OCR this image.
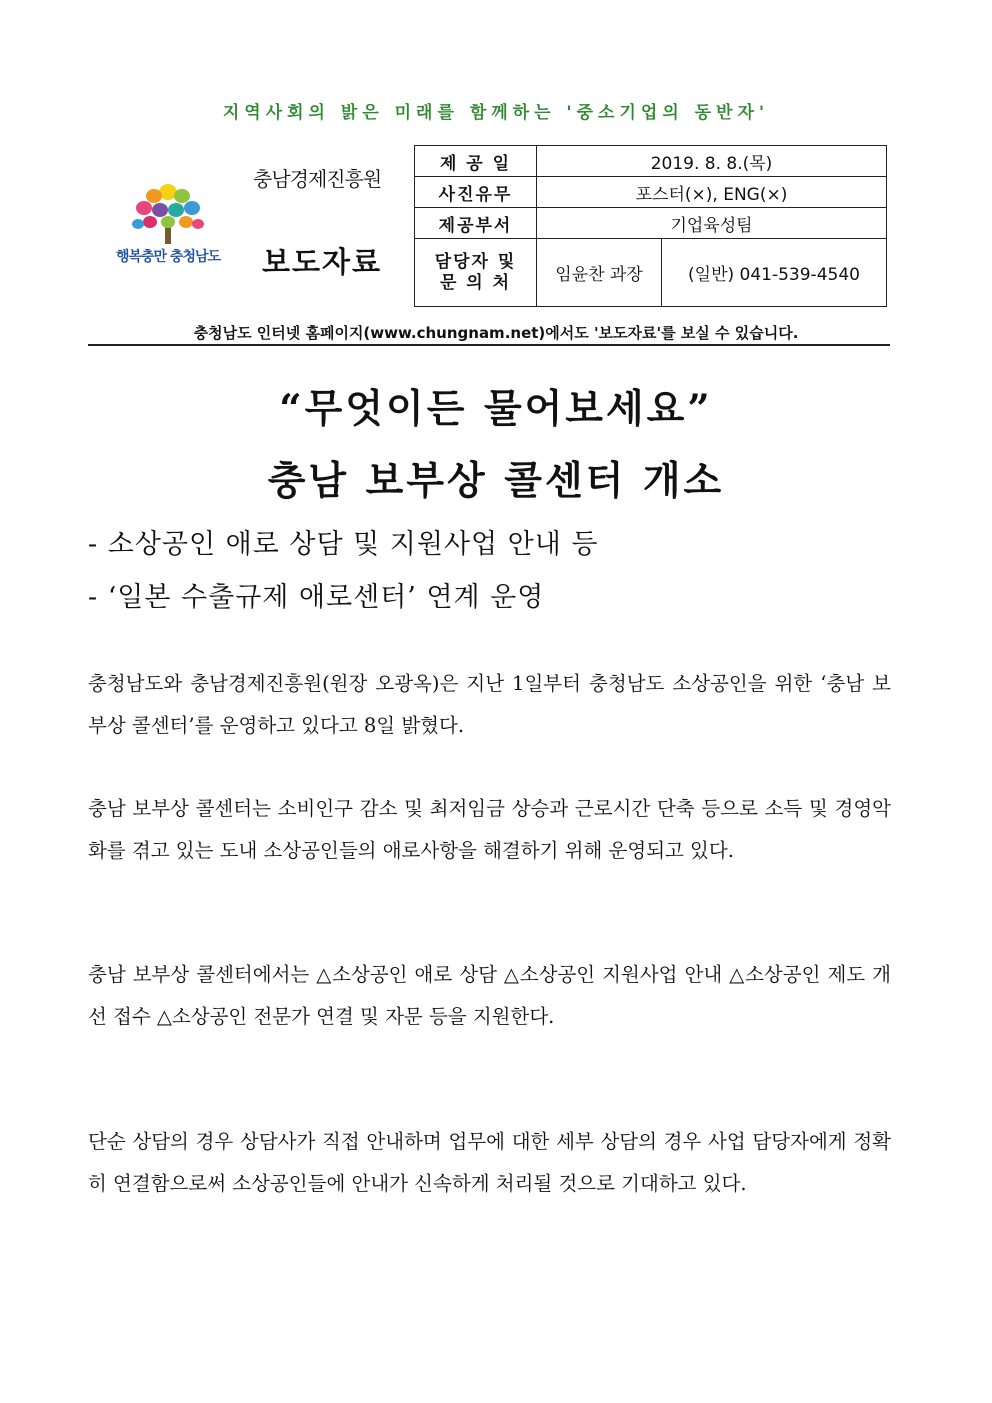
지역사회의 밝은 미래를 함께하는 '중소기업의 동반자'
행복충만 충청남도
충남경제진흥원
보도자료
제 공 일	2019. 8. 8.(목)	
사진유무	포스터(×), ENG(×)	
제공부서	기업육성팀	

담당자 및
문 의 처	임윤찬 과장	(일반) 041-539-4540
충청남도 인터넷 홈페이지(www.chungnam.net)에서도 '보도자료'를 보실 수 있습니다.
“무엇이든 물어보세요”
충남 보부상 콜센터 개소
- 소상공인 애로 상담 및 지원사업 안내 등
- ‘일본 수출규제 애로센터’ 연계 운영
충청남도와 충남경제진흥원(원장 오광옥)은 지난 1일부터 충청남도 소상공인을 위한 ‘충남 보부상 콜센터’를 운영하고 있다고 8일 밝혔다.
충남 보부상 콜센터는 소비인구 감소 및 최저임금 상승과 근로시간 단축 등으로 소득 및 경영악화를 겪고 있는 도내 소상공인들의 애로사항을 해결하기 위해 운영되고 있다.
충남 보부상 콜센터에서는 △소상공인 애로 상담 △소상공인 지원사업 안내 △소상공인 제도 개선 접수 △소상공인 전문가 연결 및 자문 등을 지원한다.
단순 상담의 경우 상담사가 직접 안내하며 업무에 대한 세부 상담의 경우 사업 담당자에게 정확히 연결함으로써 소상공인들에 안내가 신속하게 처리될 것으로 기대하고 있다.
